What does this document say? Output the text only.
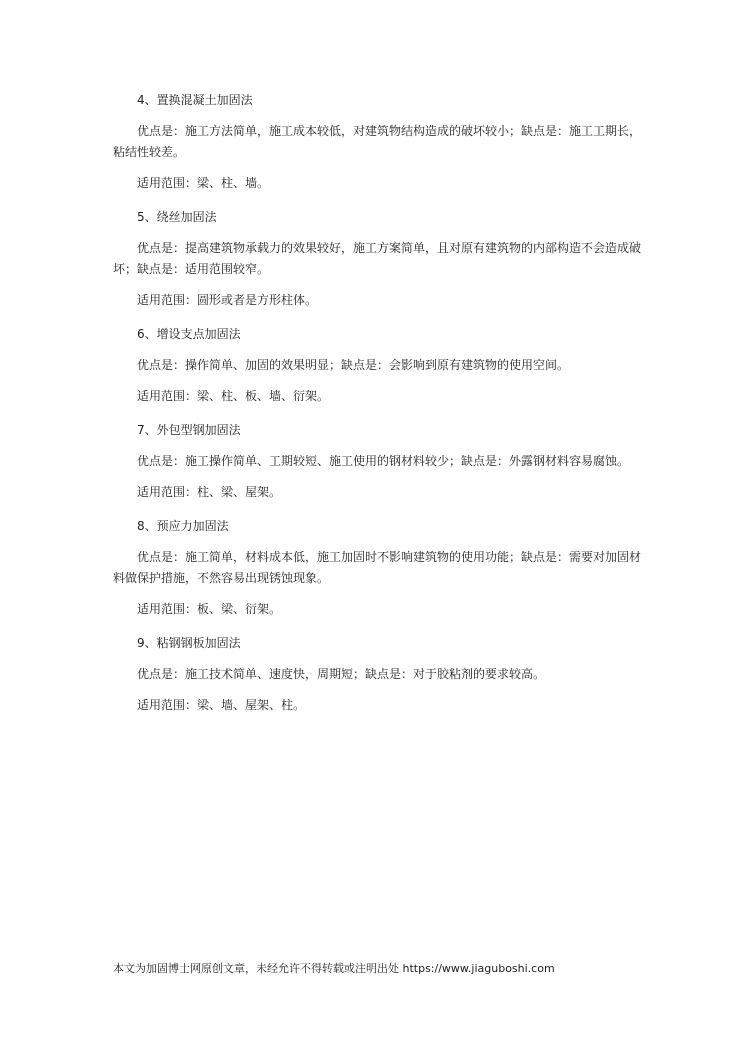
4、置换混凝土加固法
优点是：施工方法简单，施工成本较低，对建筑物结构造成的破坏较小；缺点是：施工工期长，粘结性较差。
适用范围：梁、柱、墙。
5、绕丝加固法
优点是：提高建筑物承载力的效果较好，施工方案简单，且对原有建筑物的内部构造不会造成破坏；缺点是：适用范围较窄。
适用范围：圆形或者是方形柱体。
6、增设支点加固法
优点是：操作简单、加固的效果明显；缺点是：会影响到原有建筑物的使用空间。
适用范围：梁、柱、板、墙、衍架。
7、外包型钢加固法
优点是：施工操作简单、工期较短、施工使用的钢材料较少；缺点是：外露钢材料容易腐蚀。
适用范围：柱、梁、屋架。
8、预应力加固法
优点是：施工简单，材料成本低，施工加固时不影响建筑物的使用功能；缺点是：需要对加固材料做保护措施，不然容易出现锈蚀现象。
适用范围：板、梁、衍架。
9、粘钢钢板加固法
优点是：施工技术简单、速度快，周期短；缺点是：对于胶粘剂的要求较高。
适用范围：梁、墙、屋架、柱。
本文为加固博士网原创文章，未经允许不得转载或注明出处 https://www.jiaguboshi.com
